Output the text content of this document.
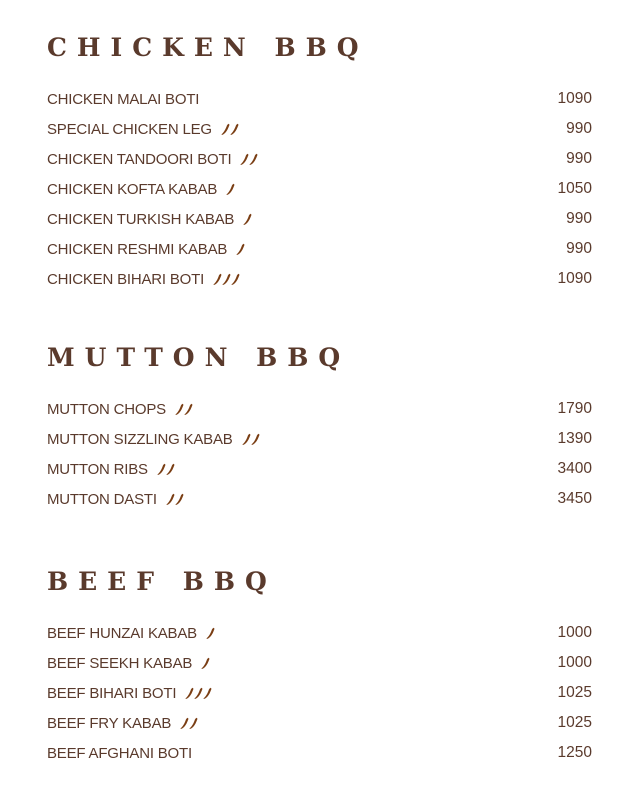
CHICKEN BBQ
CHICKEN MALAI BOTI	1090
SPECIAL CHICKEN LEG	990
CHICKEN TANDOORI BOTI	990
CHICKEN KOFTA KABAB	1050
CHICKEN TURKISH KABAB	990
CHICKEN RESHMI KABAB	990
CHICKEN BIHARI BOTI	1090
MUTTON BBQ
MUTTON CHOPS	1790
MUTTON SIZZLING KABAB	1390
MUTTON RIBS	3400
MUTTON DASTI	3450
BEEF BBQ
BEEF HUNZAI KABAB	1000
BEEF SEEKH KABAB	1000
BEEF BIHARI BOTI	1025
BEEF FRY KABAB	1025
BEEF AFGHANI BOTI	1250
